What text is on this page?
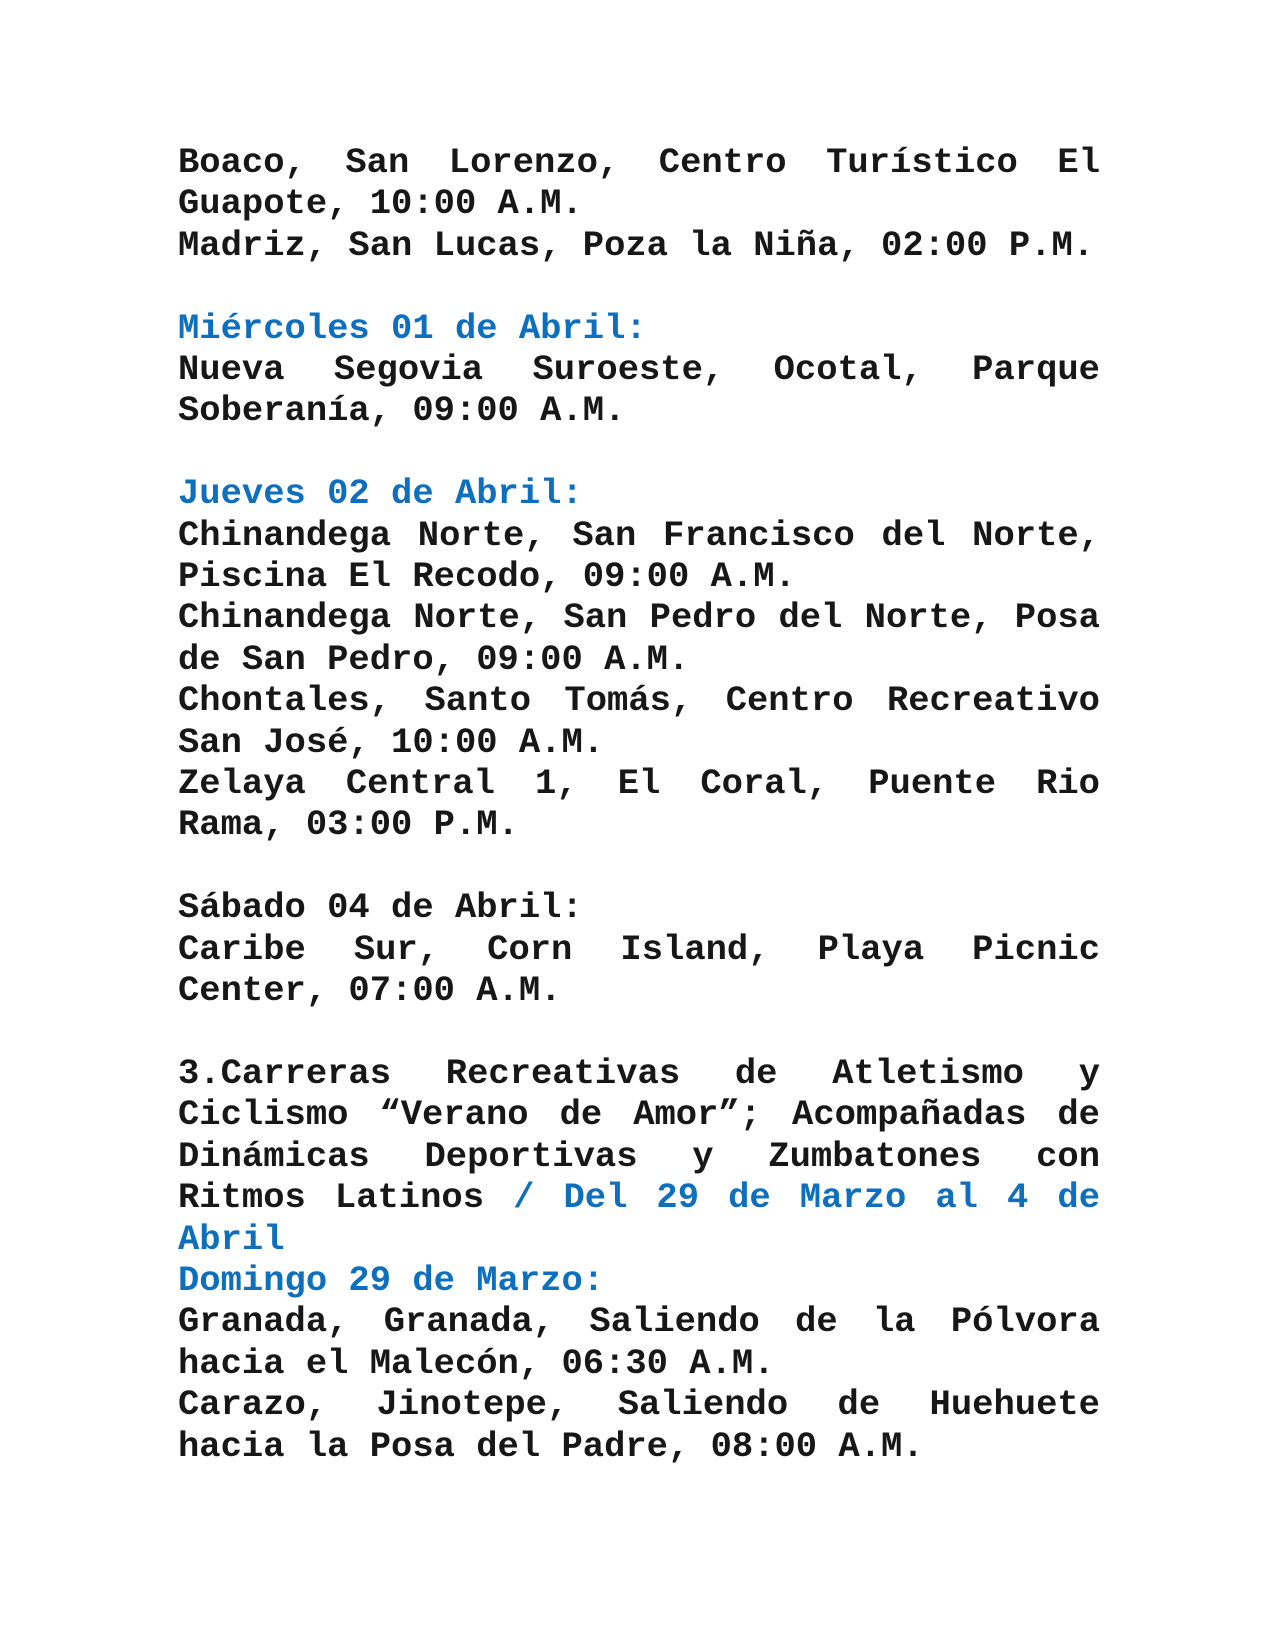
Boaco, San Lorenzo, Centro Turístico El
Guapote, 10:00 A.M.
Madriz, San Lucas, Poza la Niña, 02:00 P.M.
Miércoles 01 de Abril:
Nueva Segovia Suroeste, Ocotal, Parque
Soberanía, 09:00 A.M.
Jueves 02 de Abril:
Chinandega Norte, San Francisco del Norte,
Piscina El Recodo, 09:00 A.M.
Chinandega Norte, San Pedro del Norte, Posa
de San Pedro, 09:00 A.M.
Chontales, Santo Tomás, Centro Recreativo
San José, 10:00 A.M.
Zelaya Central 1, El Coral, Puente Rio
Rama, 03:00 P.M.
Sábado 04 de Abril:
Caribe Sur, Corn Island, Playa Picnic
Center, 07:00 A.M.
3.Carreras Recreativas de Atletismo y
Ciclismo “Verano de Amor”; Acompañadas de
Dinámicas Deportivas y Zumbatones con
Ritmos Latinos / Del 29 de Marzo al 4 de
Abril
Domingo 29 de Marzo:
Granada, Granada, Saliendo de la Pólvora
hacia el Malecón, 06:30 A.M.
Carazo, Jinotepe, Saliendo de Huehuete
hacia la Posa del Padre, 08:00 A.M.
